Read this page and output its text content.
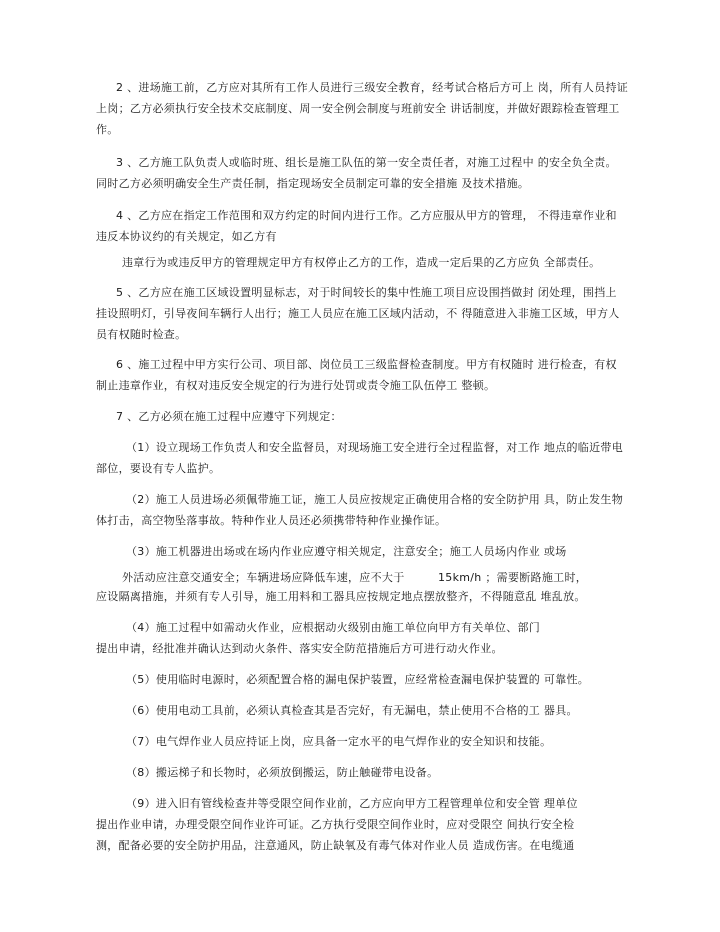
2 、进场施工前，乙方应对其所有工作人员进行三级安全教育，经考试合格后方可上 岗，所有人员持证
上岗；乙方必须执行安全技术交底制度、周一安全例会制度与班前安全 讲话制度，并做好跟踪检查管理工
作。
3 、乙方施工队负责人或临时班、组长是施工队伍的第一安全责任者，对施工过程中 的安全负全责。
同时乙方必须明确安全生产责任制，指定现场安全员制定可靠的安全措施 及技术措施。
4 、乙方应在指定工作范围和双方约定的时间内进行工作。乙方应服从甲方的管理， 不得违章作业和
违反本协议约的有关规定，如乙方有
违章行为或违反甲方的管理规定甲方有权停止乙方的工作，造成一定后果的乙方应负 全部责任。
5 、乙方应在施工区域设置明显标志，对于时间较长的集中性施工项目应设围挡做封 闭处理，围挡上
挂设照明灯，引导夜间车辆行人出行；施工人员应在施工区域内活动，不 得随意进入非施工区域，甲方人
员有权随时检查。
6 、施工过程中甲方实行公司、项目部、岗位员工三级监督检查制度。甲方有权随时 进行检查，有权
制止违章作业，有权对违反安全规定的行为进行处罚或责令施工队伍停工 整顿。
7 、乙方必须在施工过程中应遵守下列规定：
（1）设立现场工作负责人和安全监督员，对现场施工安全进行全过程监督，对工作 地点的临近带电
部位，要设有专人监护。
（2）施工人员进场必须佩带施工证，施工人员应按规定正确使用合格的安全防护用 具，防止发生物
体打击，高空物坠落事故。特种作业人员还必须携带特种作业操作证。
（3）施工机器进出场或在场内作业应遵守相关规定，注意安全；施工人员场内作业 或场
外活动应注意交通安全；车辆进场应降低车速，应不大于	15km/h ；需要断路施工时，
应设隔离措施，并须有专人引导，施工用料和工器具应按规定地点摆放整齐，不得随意乱 堆乱放。
（4）施工过程中如需动火作业，应根据动火级别由施工单位向甲方有关单位、部门
提出申请，经批准并确认达到动火条件、落实安全防范措施后方可进行动火作业。
（5）使用临时电源时，必须配置合格的漏电保护装置，应经常检查漏电保护装置的 可靠性。
（6）使用电动工具前，必须认真检查其是否完好，有无漏电，禁止使用不合格的工 器具。
（7）电气焊作业人员应持证上岗，应具备一定水平的电气焊作业的安全知识和技能。
（8）搬运梯子和长物时，必须放倒搬运，防止触碰带电设备。
（9）进入旧有管线检查井等受限空间作业前，乙方应向甲方工程管理单位和安全管 理单位
提出作业申请，办理受限空间作业许可证。乙方执行受限空间作业时，应对受限空 间执行安全检
测，配备必要的安全防护用品，注意通风，防止缺氧及有毒气体对作业人员 造成伤害。在电缆通
